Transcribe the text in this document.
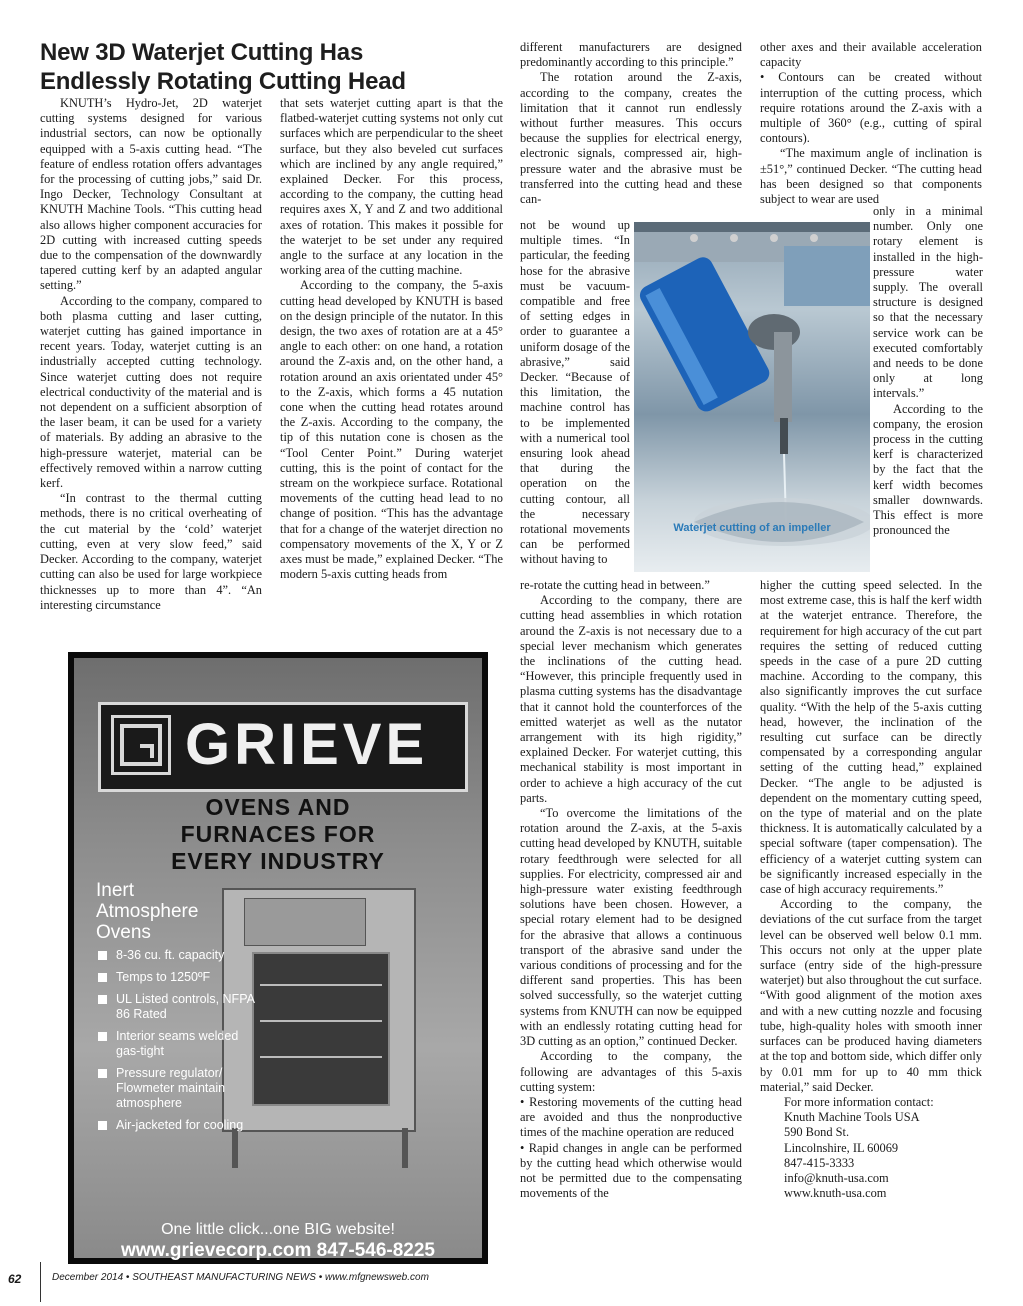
New 3D Waterjet Cutting Has
Endlessly Rotating Cutting Head

KNUTH’s Hydro-Jet, 2D waterjet cutting systems designed for various industrial sectors, can now be optionally equipped with a 5-axis cutting head. “The feature of endless rotation offers advantages for the processing of cutting jobs,” said Dr. Ingo Decker, Technology Consultant at KNUTH Machine Tools. “This cutting head also allows higher component accuracies for 2D cutting with increased cutting speeds due to the compensation of the downwardly tapered cutting kerf by an adapted angular setting.”

According to the company, compared to both plasma cutting and laser cutting, waterjet cutting has gained importance in recent years. Today, waterjet cutting is an industrially accepted cutting technology. Since waterjet cutting does not require electrical conductivity of the material and is not dependent on a sufficient absorption of the laser beam, it can be used for a variety of materials. By adding an abrasive to the high-pressure waterjet, material can be effectively removed within a narrow cutting kerf.

“In contrast to the thermal cutting methods, there is no critical overheating of the cut material by the ‘cold’ waterjet cutting, even at very slow feed,” said Decker. According to the company, waterjet cutting can also be used for large workpiece thicknesses up to more than 4”. “An interesting circumstance

that sets waterjet cutting apart is that the flatbed-waterjet cutting systems not only cut surfaces which are perpendicular to the sheet surface, but they also beveled cut surfaces which are inclined by any angle required,” explained Decker. For this process, according to the company, the cutting head requires axes X, Y and Z and two additional axes of rotation. This makes it possible for the waterjet to be set under any required angle to the surface at any location in the working area of the cutting machine.

According to the company, the 5-axis cutting head developed by KNUTH is based on the design principle of the nutator. In this design, the two axes of rotation are at a 45° angle to each other: on one hand, a rotation around the Z-axis and, on the other hand, a rotation around an axis orientated under 45° to the Z-axis, which forms a 45 nutation cone when the cutting head rotates around the Z-axis. According to the company, the tip of this nutation cone is chosen as the “Tool Center Point.” During waterjet cutting, this is the point of contact for the stream on the workpiece surface. Rotational movements of the cutting head lead to no change of position. “This has the advantage that for a change of the waterjet direction no compensatory movements of the X, Y or Z axes must be made,” explained Decker. “The modern 5-axis cutting heads from

different manufacturers are designed predominantly according to this principle.”

The rotation around the Z-axis, according to the company, creates the limitation that it cannot run endlessly without further measures. This occurs because the supplies for electrical energy, electronic signals, compressed air, high-pressure water and the abrasive must be transferred into the cutting head and these can-

not be wound up multiple times. “In particular, the feeding hose for the abrasive must be vacuum-compatible and free of setting edges in order to guarantee a uniform dosage of the abrasive,” said Decker. “Because of this limitation, the machine control has to be implemented with a numerical tool ensuring look ahead that during the operation on the cutting contour, all the necessary rotational movements can be performed without having to

re-rotate the cutting head in between.”

According to the company, there are cutting head assemblies in which rotation around the Z-axis is not necessary due to a special lever mechanism which generates the inclinations of the cutting head. “However, this principle frequently used in plasma cutting systems has the disadvantage that it cannot hold the counterforces of the emitted waterjet as well as the nutator arrangement with its high rigidity,” explained Decker. For waterjet cutting, this mechanical stability is most important in order to achieve a high accuracy of the cut parts.

“To overcome the limitations of the rotation around the Z-axis, at the 5-axis cutting head developed by KNUTH, suitable rotary feedthrough were selected for all supplies. For electricity, compressed air and high-pressure water existing feedthrough solutions have been chosen. However, a special rotary element had to be designed for the abrasive that allows a continuous transport of the abrasive sand under the various conditions of processing and for the different sand properties. This has been solved successfully, so the waterjet cutting systems from KNUTH can now be equipped with an endlessly rotating cutting head for 3D cutting as an option,” continued Decker.

According to the company, the following are advantages of this 5-axis cutting system:

• Restoring movements of the cutting head are avoided and thus the nonproductive times of the machine operation are reduced

• Rapid changes in angle can be performed by the cutting head which otherwise would not be permitted due to the compensating movements of the

other axes and their available acceleration capacity

• Contours can be created without interruption of the cutting process, which require rotations around the Z-axis with a multiple of 360° (e.g., cutting of spiral contours).

“The maximum angle of inclination is ±51°,” continued Decker. “The cutting head has been designed so that components subject to wear are used

only in a minimal number. Only one rotary element is installed in the high-pressure water supply. The overall structure is designed so that the necessary service work can be executed comfortably and needs to be done only at long intervals.”

According to the company, the erosion process in the cutting kerf is characterized by the fact that the kerf width becomes smaller downwards. This effect is more pronounced the

higher the cutting speed selected. In the most extreme case, this is half the kerf width at the waterjet entrance. Therefore, the requirement for high accuracy of the cut part requires the setting of reduced cutting speeds in the case of a pure 2D cutting machine. According to the company, this also significantly improves the cut surface quality. “With the help of the 5-axis cutting head, however, the inclination of the resulting cut surface can be directly compensated by a corresponding angular setting of the cutting head,” explained Decker. “The angle to be adjusted is dependent on the momentary cutting speed, on the type of material and on the plate thickness. It is automatically calculated by a special software (taper compensation). The efficiency of a waterjet cutting system can be significantly increased especially in the case of high accuracy requirements.”

According to the company, the deviations of the cut surface from the target level can be observed well below 0.1 mm. This occurs not only at the upper plate surface (entry side of the high-pressure waterjet) but also throughout the cut surface. “With good alignment of the motion axes and with a new cutting nozzle and focusing tube, high-quality holes with smooth inner surfaces can be produced having diameters at the top and bottom side, which differ only by 0.01 mm for up to 40 mm thick material,” said Decker.

For more information contact:

Knuth Machine Tools USA

590 Bond St.

Lincolnshire, IL 60069

847-415-3333

info@knuth-usa.com

www.knuth-usa.com

Waterjet cutting of an impeller
GRIEVE
OVENS AND
FURNACES FOR
EVERY INDUSTRY
Inert
Atmosphere
Ovens
8-36 cu. ft. capacity
Temps to 1250ºF
UL Listed controls, NFPA 86 Rated
Interior seams welded gas-tight
Pressure regulator/ Flowmeter maintain atmosphere
Air-jacketed for cooling
One little click...one BIG website!
www.grievecorp.com 847-546-8225
62	December 2014 • SOUTHEAST MANUFACTURING NEWS • www.mfgnewsweb.com
